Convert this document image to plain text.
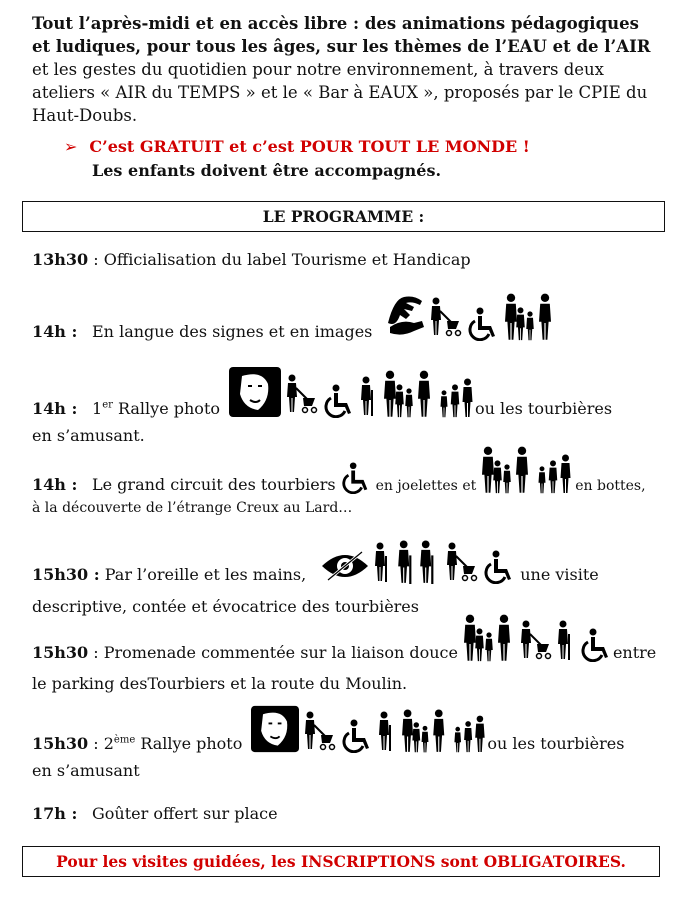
Tout l’après-midi et en accès libre : des animations pédagogiques et ludiques, pour tous les âges, sur les thèmes de l’EAU et de l’AIR et les gestes du quotidien pour notre environnement, à travers deux ateliers « AIR du TEMPS » et le « Bar à EAUX », proposés par le CPIE du Haut-Doubs.
➢ C’est GRATUIT et c’est POUR TOUT LE MONDE !
Les enfants doivent être accompagnés.
LE PROGRAMME :
13h30 : Officialisation du label Tourisme et Handicap
14h : En langue des signes et en images
14h : 1er Rallye photo	ou les tourbières
en s’amusant.
14h : Le grand circuit des tourbiers	en joelettes et	en bottes,
à la découverte de l’étrange Creux au Lard…
15h30 : Par l’oreille et les mains,	une visite
descriptive, contée et évocatrice des tourbières
15h30 : Promenade commentée sur la liaison douce	entre
le parking desTourbiers et la route du Moulin.
15h30 : 2ème Rallye photo	ou les tourbières
en s’amusant
17h : Goûter offert sur place
Pour les visites guidées, les INSCRIPTIONS sont OBLIGATOIRES.
